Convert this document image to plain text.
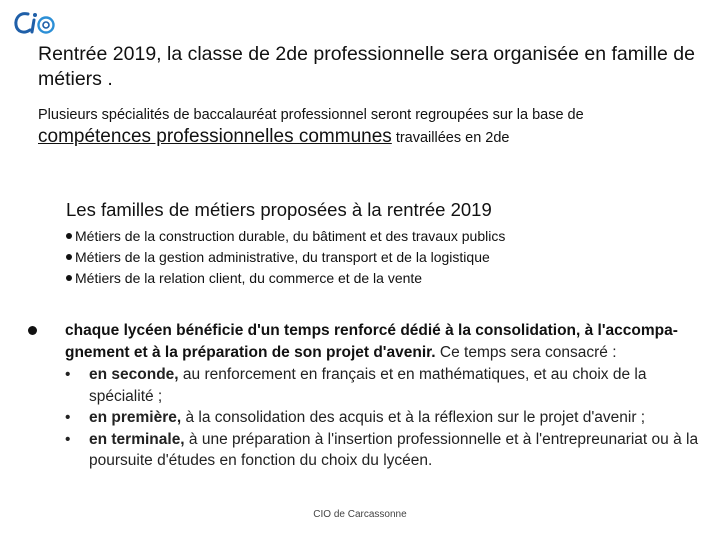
Rentrée 2019, la classe de 2de professionnelle sera organisée en famille de métiers .
Plusieurs spécialités de baccalauréat professionnel seront regroupées sur la base de
compétences professionnelles communes travaillées en 2de
Les familles de métiers proposées à la rentrée 2019
Métiers de la construction durable, du bâtiment et des travaux publics
Métiers de la gestion administrative, du transport et de la logistique
Métiers de la relation client, du commerce et de la vente
chaque lycéen bénéficie d'un temps renforcé dédié à la consolidation, à l'accompa-gnement et à la préparation de son projet d'avenir. Ce temps sera consacré :
• en seconde, au renforcement en français et en mathématiques, et au choix de la spécialité ;
• en première, à la consolidation des acquis et à la réflexion sur le projet d'avenir ;
• en terminale, à une préparation à l'insertion professionnelle et à l'entrepreunariat ou à la poursuite d'études en fonction du choix du lycéen.
CIO de Carcassonne
